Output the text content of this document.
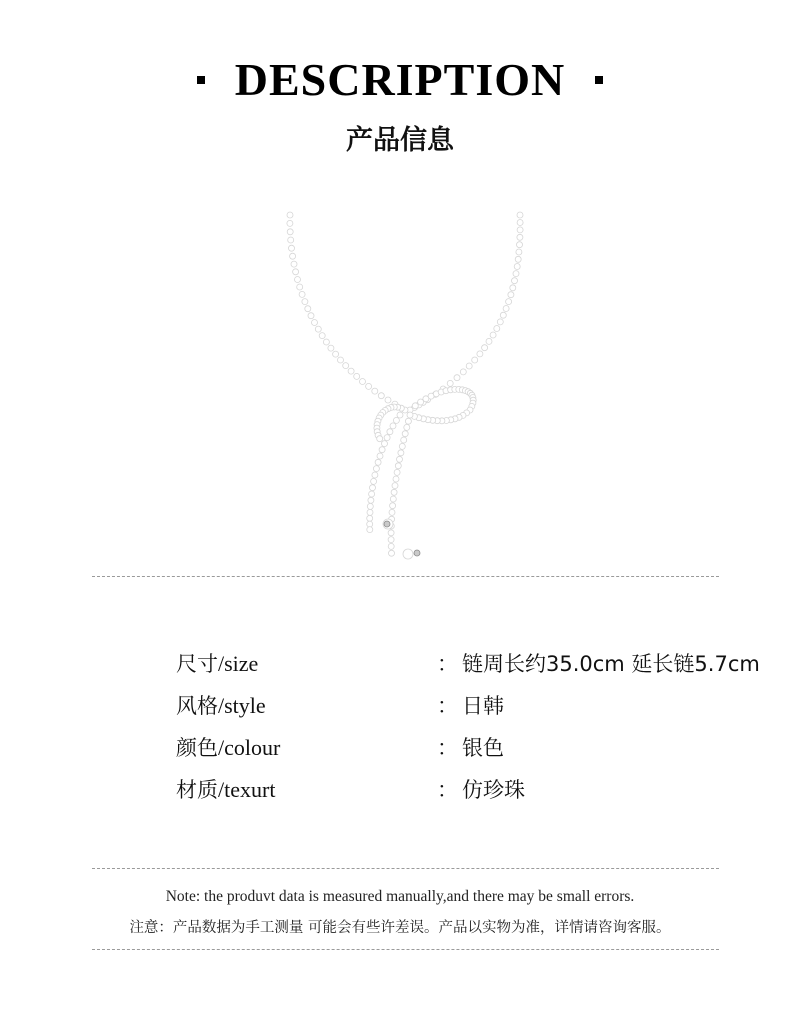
DESCRIPTION
产品信息
尺寸/size	： 链周长约35.0cm 延长链5.7cm
风格/style	： 日韩
颜色/colour	： 银色
材质/texurt	： 仿珍珠
Note: the produvt data is measured manually,and there may be small errors.
注意：产品数据为手工测量 可能会有些许差误。产品以实物为准，详情请咨询客服。
